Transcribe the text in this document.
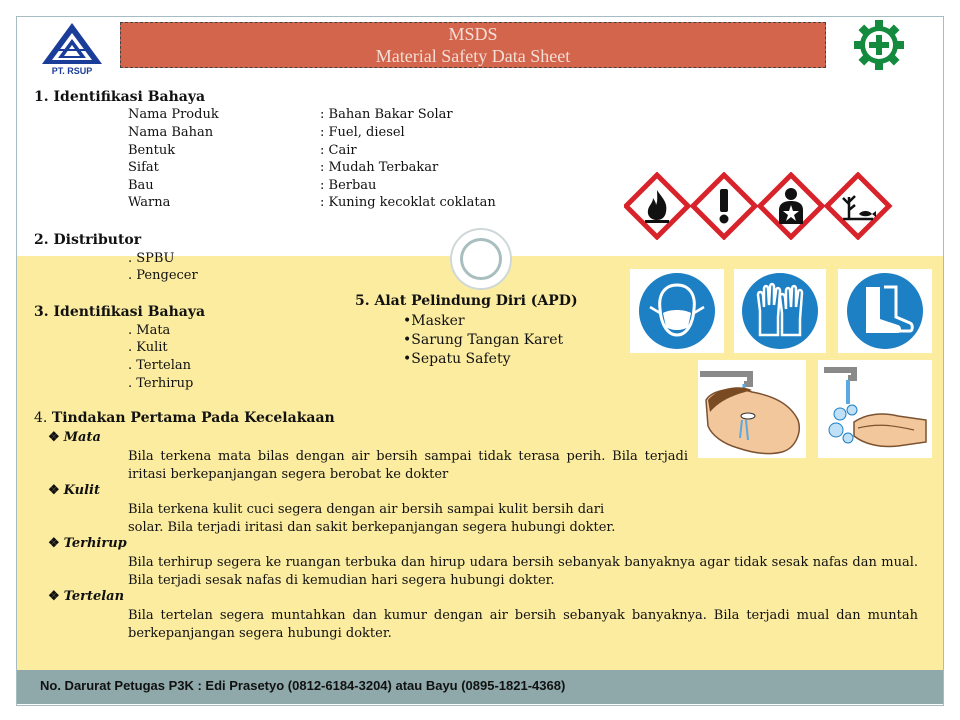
No. Darurat Petugas P3K : Edi Prasetyo (0812-6184-3204) atau Bayu (0895-1821-4368)
PT. RSUP
MSDS
Material Safety Data Sheet
1. Identifikasi Bahaya
Nama Produk	: Bahan Bakar Solar
Nama Bahan	: Fuel, diesel
Bentuk	: Cair
Sifat	: Mudah Terbakar
Bau	: Berbau
Warna	: Kuning kecoklat coklatan
2. Distributor
. SPBU
. Pengecer
3. Identifikasi Bahaya
. Mata
. Kulit
. Tertelan
. Terhirup
5. Alat Pelindung Diri (APD)
•Masker
•Sarung Tangan Karet
•Sepatu Safety
4. Tindakan Pertama Pada Kecelakaan
❖ Mata
Bila terkena mata bilas dengan air bersih sampai tidak terasa perih. Bila terjadi iritasi berkepanjangan segera berobat ke dokter
❖ Kulit
Bila terkena kulit cuci segera dengan air bersih sampai kulit bersih dari solar. Bila terjadi iritasi dan sakit berkepanjangan segera hubungi dokter.
❖ Terhirup
Bila terhirup segera ke ruangan terbuka dan hirup udara bersih sebanyak banyaknya agar tidak sesak nafas dan mual. Bila terjadi sesak nafas di kemudian hari segera hubungi dokter.
❖ Tertelan
Bila tertelan segera muntahkan dan kumur dengan air bersih sebanyak banyaknya. Bila terjadi mual dan muntah berkepanjangan segera hubungi dokter.
